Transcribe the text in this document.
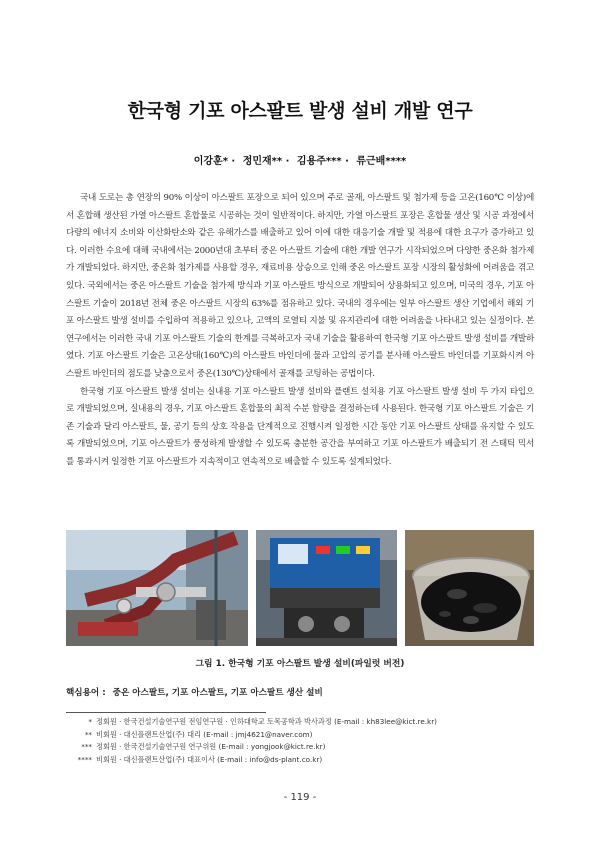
한국형 기포 아스팔트 발생 설비 개발 연구
이강훈* · 정민재** · 김용주*** · 류근배****

국내 도로는 총 연장의 90% 이상이 아스팔트 포장으로 되어 있으며 주로 골재, 아스팔트 및 첨가제 등을 고온(160℃ 이상)에서 혼합해 생산된 가열 아스팔트 혼합물로 시공하는 것이 일반적이다. 하지만, 가열 아스팔트 포장은 혼합물 생산 및 시공 과정에서 다량의 에너지 소비와 이산화탄소와 같은 유해가스를 배출하고 있어 이에 대한 대응기술 개발 및 적용에 대한 요구가 증가하고 있다. 이러한 수요에 대해 국내에서는 2000년대 초부터 중온 아스팔트 기술에 대한 개발 연구가 시작되었으며 다양한 중온화 첨가제가 개발되었다. 하지만, 중온화 첨가제를 사용할 경우, 재료비용 상승으로 인해 중온 아스팔트 포장 시장의 활성화에 어려움을 겪고 있다. 국외에서는 중온 아스팔트 기술을 첨가제 방식과 기포 아스팔트 방식으로 개발되어 상용화되고 있으며, 미국의 경우, 기포 아스팔트 기술이 2018년 전체 중온 아스팔트 시장의 63%를 점유하고 있다. 국내의 경우에는 일부 아스팔트 생산 기업에서 해외 기포 아스팔트 발생 설비를 수입하여 적용하고 있으나, 고액의 로열티 지불 및 유지관리에 대한 어려움을 나타내고 있는 실정이다. 본 연구에서는 이러한 국내 기포 아스팔트 기술의 한계를 극복하고자 국내 기술을 활용하여 한국형 기포 아스팔트 발생 설비를 개발하였다. 기포 아스팔트 기술은 고온상태(160℃)의 아스팔트 바인더에 물과 고압의 공기를 분사해 아스팔트 바인더를 기포화시켜 아스팔트 바인더의 점도를 낮춤으로서 중온(130℃)상태에서 골재를 코팅하는 공법이다.

한국형 기포 아스팔트 발생 설비는 실내용 기포 아스팔트 발생 설비와 플랜트 설치용 기포 아스팔트 발생 설비 두 가지 타입으로 개발되었으며, 실내용의 경우, 기포 아스팔트 혼합물의 최적 수분 함량을 결정하는데 사용된다. 한국형 기포 아스팔트 기술은 기존 기술과 달리 아스팔트, 물, 공기 등의 상호 작용을 단계적으로 진행시켜 일정한 시간 동안 기포 아스팔트 상태를 유지할 수 있도록 개발되었으며, 기포 아스팔트가 풍성하게 발생할 수 있도록 충분한 공간을 부여하고 기포 아스팔트가 배출되기 전 스태틱 믹서를 통과시켜 일정한 기포 아스팔트가 지속적이고 연속적으로 배출할 수 있도록 설계되었다.

그림 1. 한국형 기포 아스팔트 발생 설비(파일럿 버전)
핵심용어 : 중온 아스팔트, 기포 아스팔트, 기포 아스팔트 생산 설비
* 정회원 · 한국건설기술연구원 전임연구원 · 인하대학교 토목공학과 박사과정 (E-mail : kh83lee@kict.re.kr)
** 비회원 · 대신플랜트산업(주) 대리 (E-mail : jmj4621@naver.com)
*** 정회원 · 한국건설기술연구원 연구위원 (E-mail : yongjook@kict.re.kr)
**** 비회원 · 대신플랜트산업(주) 대표이사 (E-mail : info@ds-plant.co.kr)
- 119 -
